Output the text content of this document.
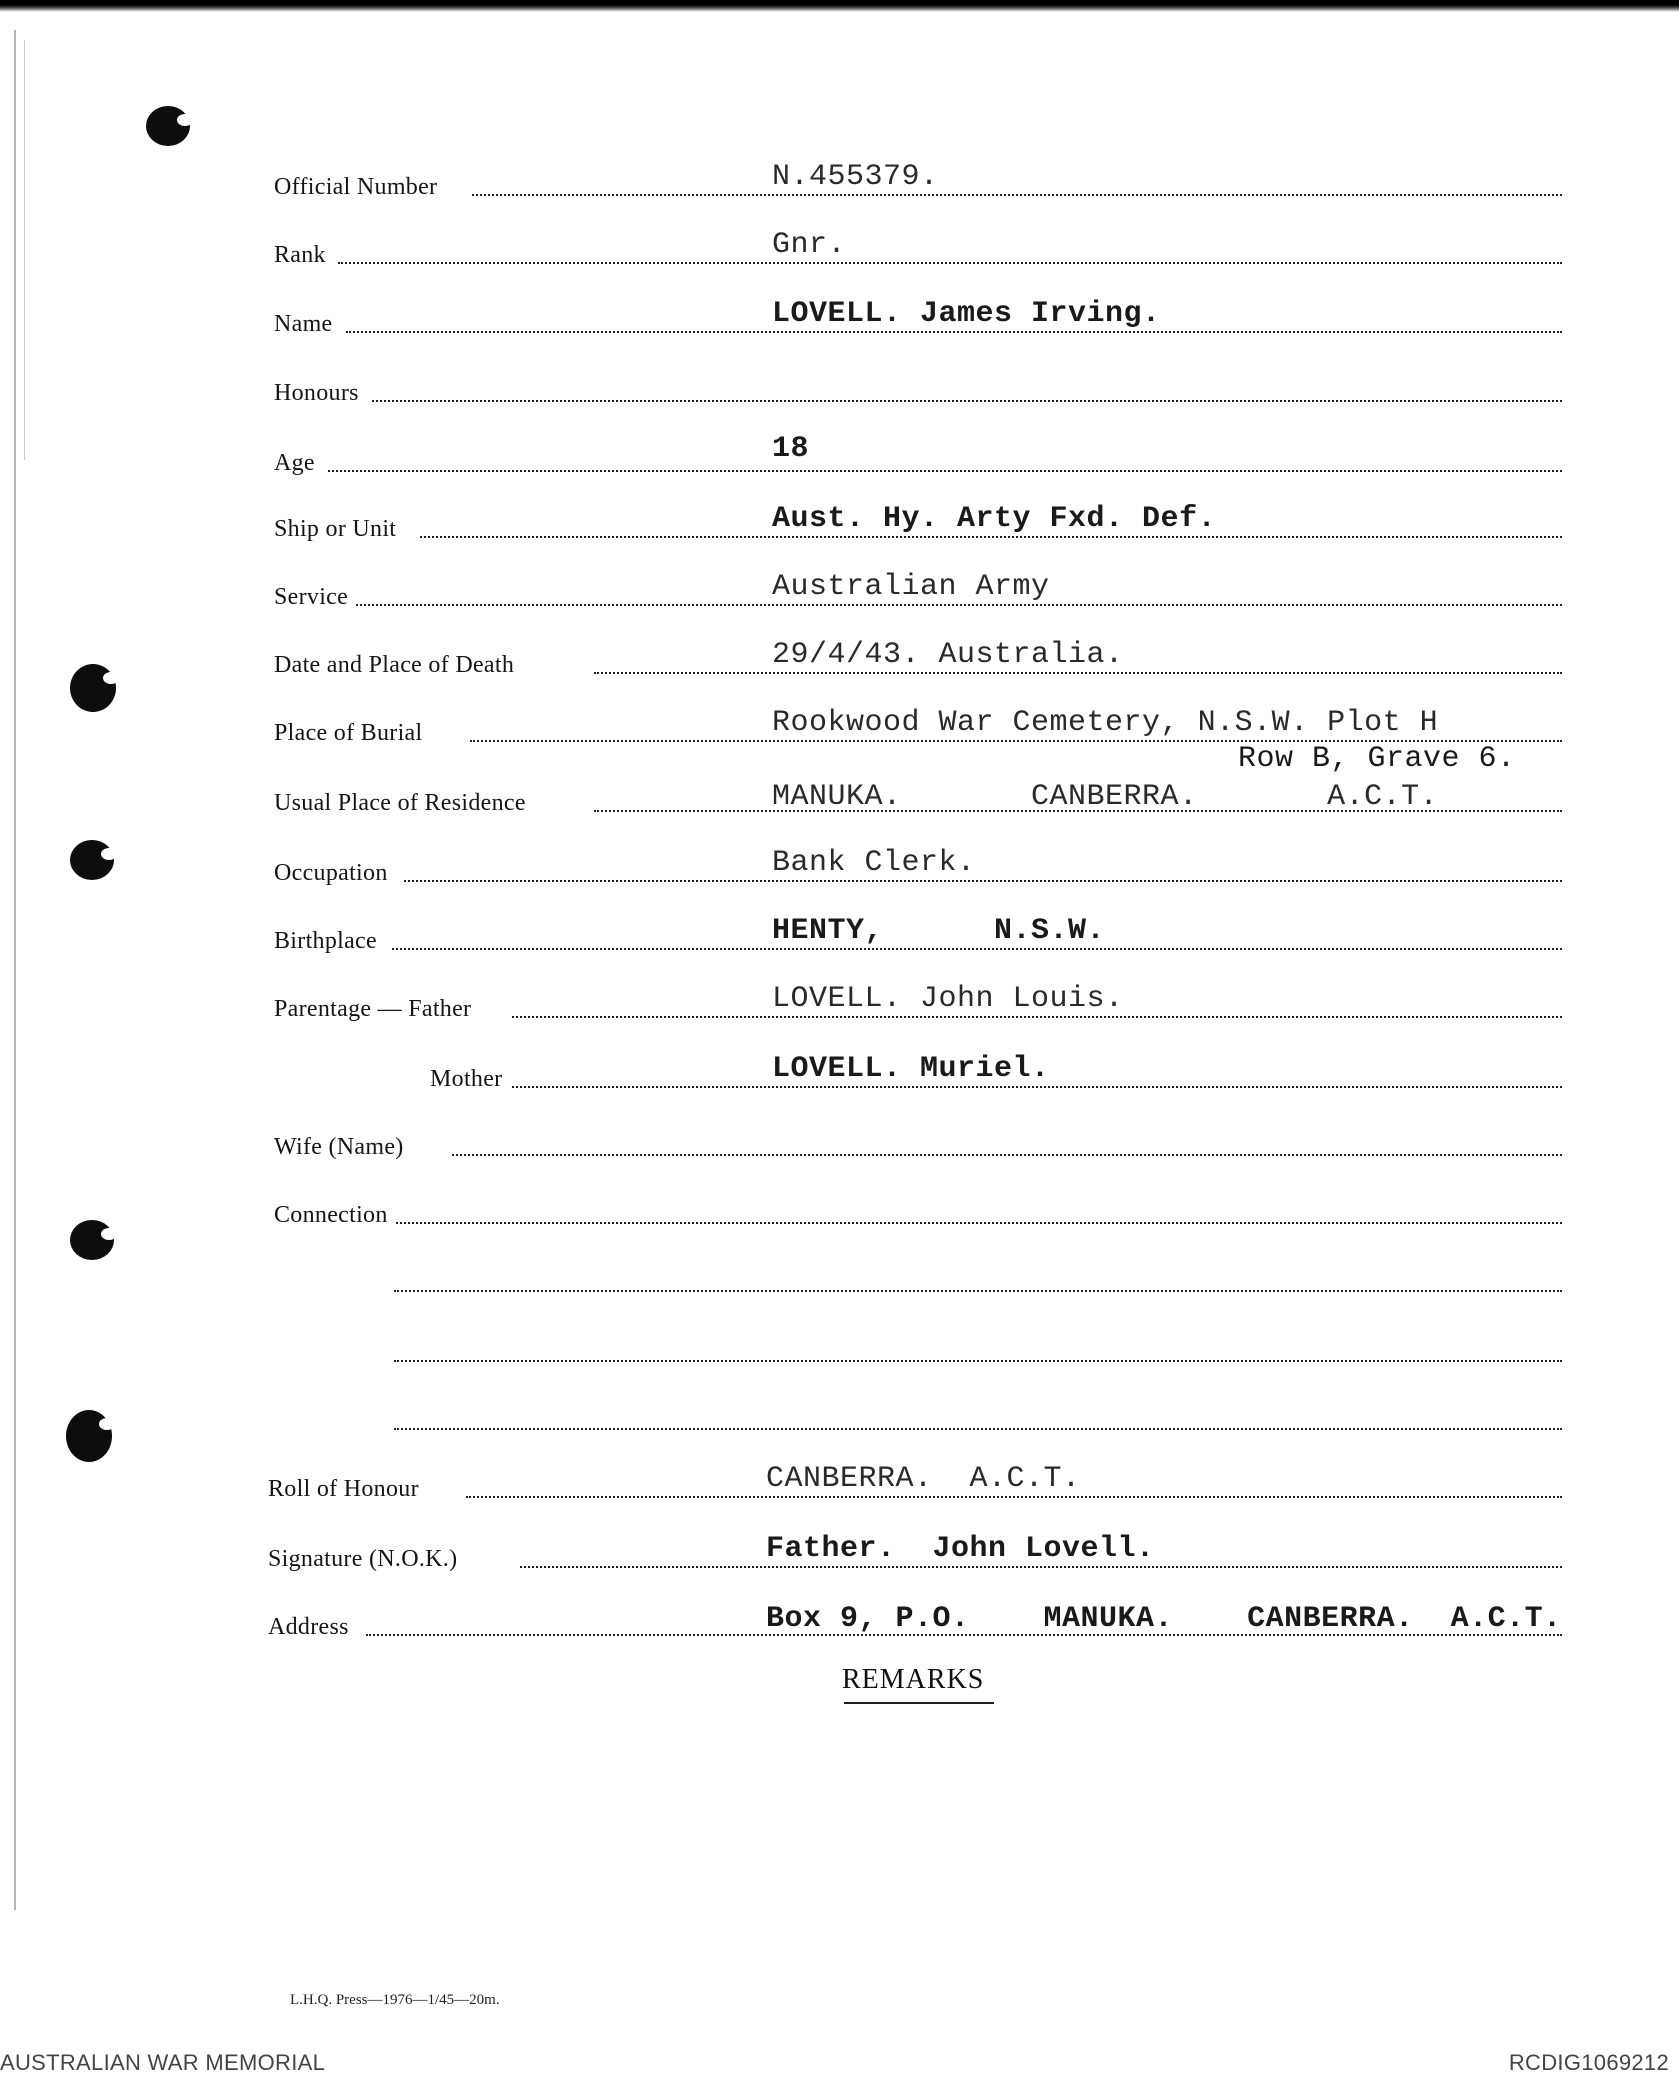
Official Number	N.455379.
Rank	Gnr.
Name	LOVELL. James Irving.
Honours
Age	18
Ship or Unit	Aust. Hy. Arty Fxd. Def.
Service	Australian Army
Date and Place of Death	29/4/43. Australia.
Place of Burial	Rookwood War Cemetery, N.S.W. Plot H
Row B, Grave 6.
Usual Place of Residence	MANUKA.       CANBERRA.       A.C.T.
Occupation	Bank Clerk.
Birthplace	HENTY,      N.S.W.
Parentage — Father	LOVELL. John Louis.
Mother	LOVELL. Muriel.
Wife (Name)
Connection
Roll of Honour	CANBERRA.  A.C.T.
Signature (N.O.K.)	Father.  John Lovell.
Address	Box 9, P.O.    MANUKA.    CANBERRA.  A.C.T.
REMARKS
L.H.Q. Press—1976—1/45—20m.
AUSTRALIAN WAR MEMORIAL	RCDIG1069212
